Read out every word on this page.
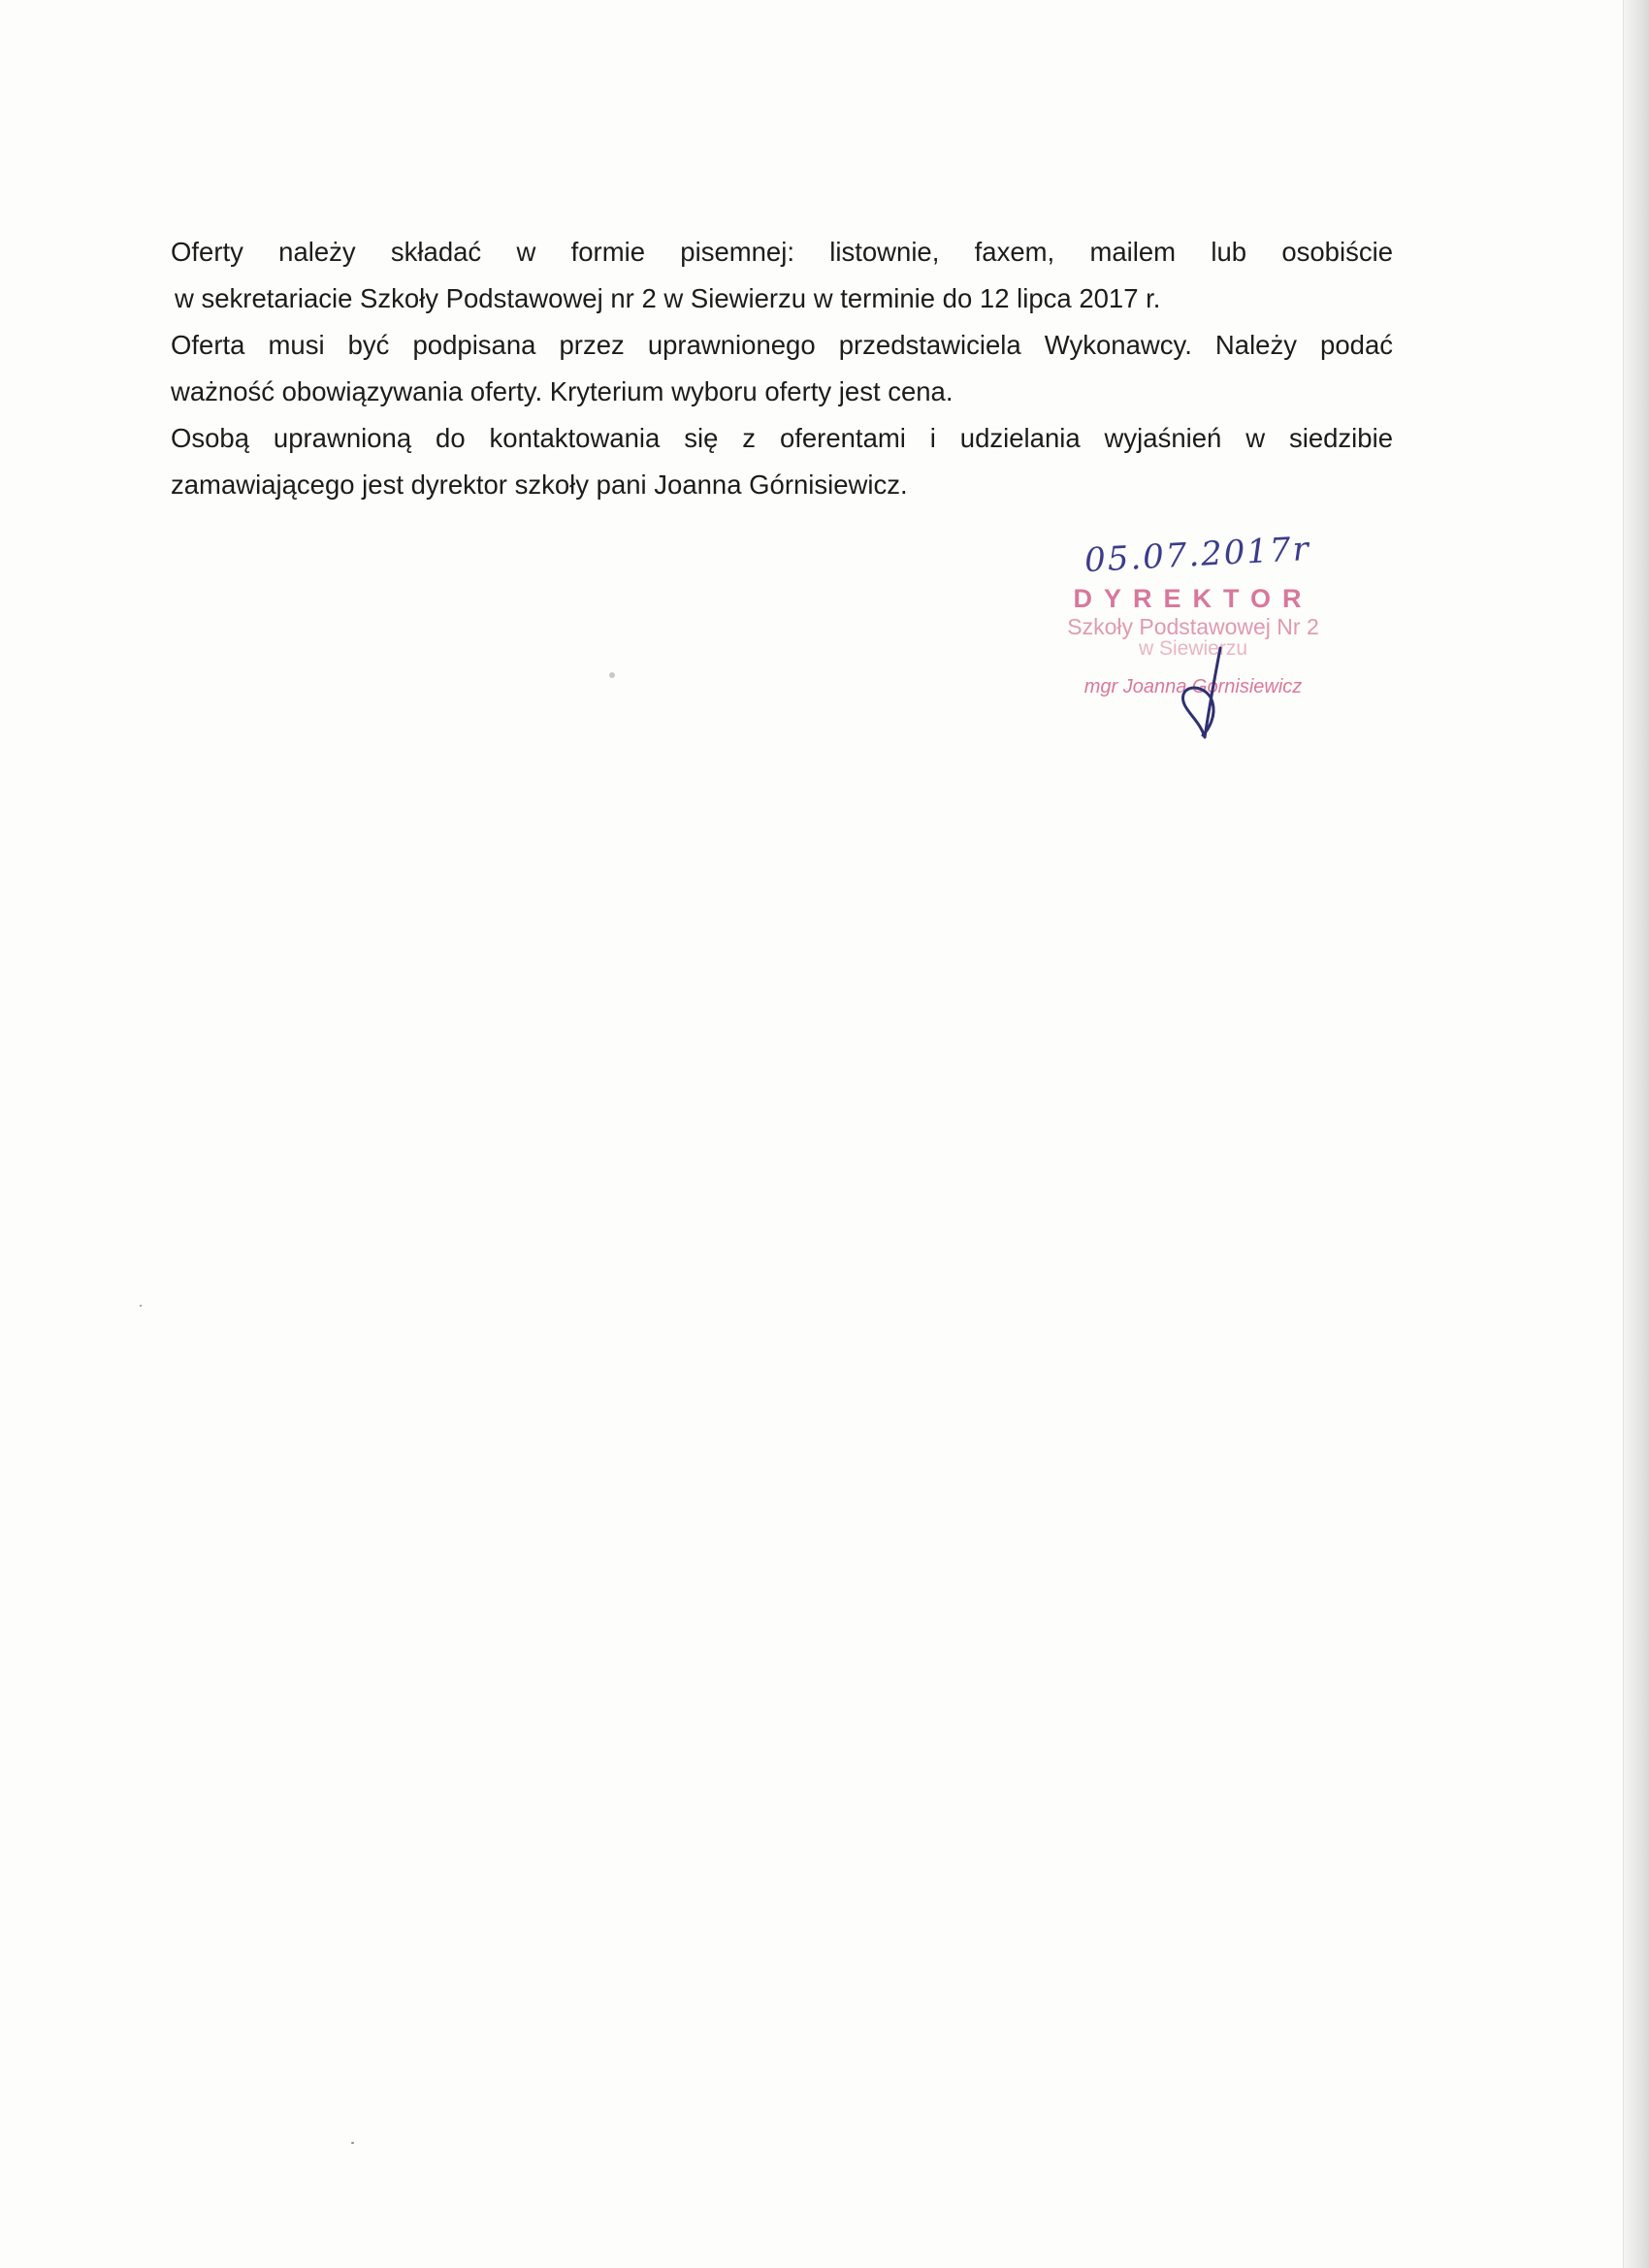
Oferty należy składać w formie pisemnej: listownie, faxem, mailem lub osobiście

w sekretariacie Szkoły Podstawowej nr 2 w Siewierzu w terminie do 12 lipca 2017 r.

Oferta musi być podpisana przez uprawnionego przedstawiciela Wykonawcy. Należy podać

ważność obowiązywania oferty. Kryterium wyboru oferty jest cena.

Osobą uprawnioną do kontaktowania się z oferentami i udzielania wyjaśnień w siedzibie

zamawiającego jest dyrektor szkoły pani Joanna Górnisiewicz.

05.07.2017r
DYREKTOR
Szkoły Podstawowej Nr 2
w Siewierzu
mgr Joanna Górnisiewicz
